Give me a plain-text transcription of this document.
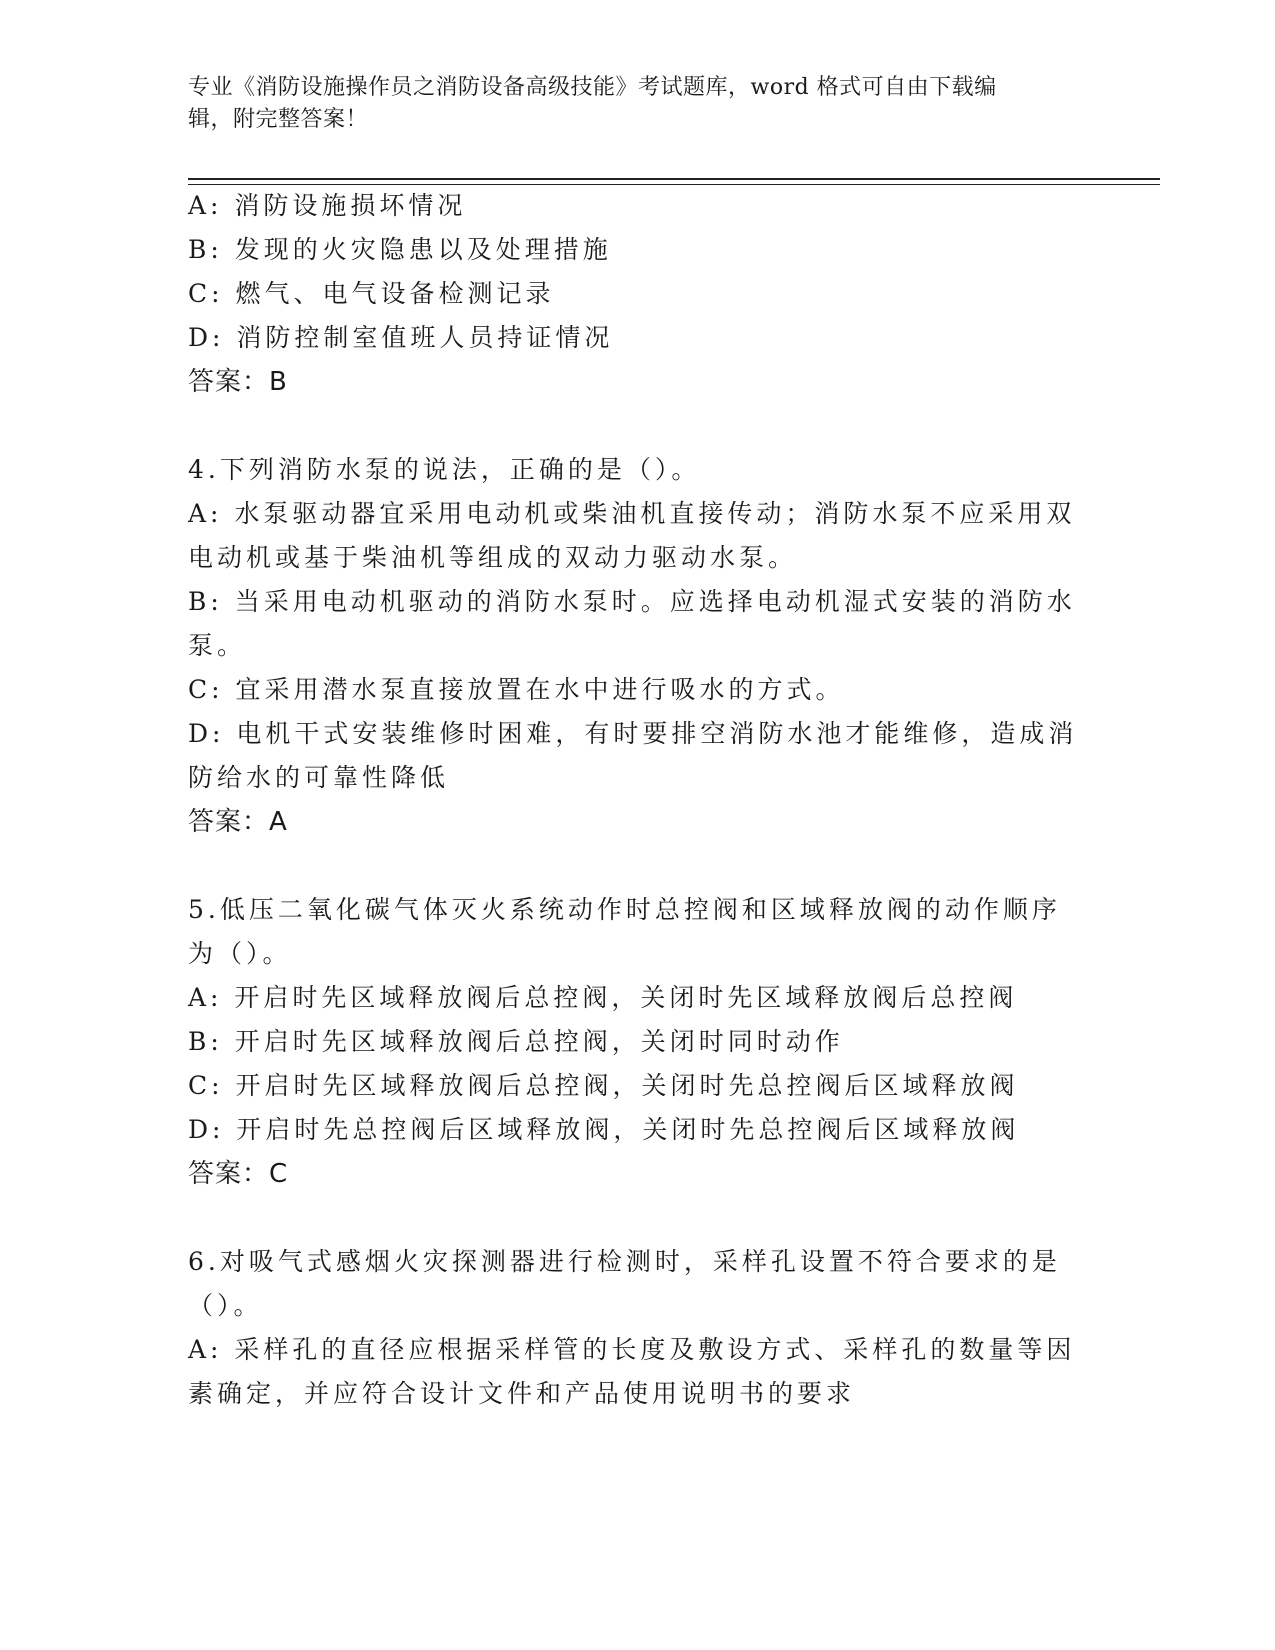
专业《消防设施操作员之消防设备高级技能》考试题库，word 格式可自由下载编
辑，附完整答案！
A: 消防设施损坏情况
B: 发现的火灾隐患以及处理措施
C: 燃气、电气设备检测记录
D: 消防控制室值班人员持证情况
答案：B
4.下列消防水泵的说法，正确的是（）。
A: 水泵驱动器宜采用电动机或柴油机直接传动；消防水泵不应采用双
电动机或基于柴油机等组成的双动力驱动水泵。
B: 当采用电动机驱动的消防水泵时。应选择电动机湿式安装的消防水
泵。
C: 宜采用潜水泵直接放置在水中进行吸水的方式。
D: 电机干式安装维修时困难，有时要排空消防水池才能维修，造成消
防给水的可靠性降低
答案：A
5.低压二氧化碳气体灭火系统动作时总控阀和区域释放阀的动作顺序
为（）。
A: 开启时先区域释放阀后总控阀，关闭时先区域释放阀后总控阀
B: 开启时先区域释放阀后总控阀，关闭时同时动作
C: 开启时先区域释放阀后总控阀，关闭时先总控阀后区域释放阀
D: 开启时先总控阀后区域释放阀，关闭时先总控阀后区域释放阀
答案：C
6.对吸气式感烟火灾探测器进行检测时，采样孔设置不符合要求的是
（）。
A: 采样孔的直径应根据采样管的长度及敷设方式、采样孔的数量等因
素确定，并应符合设计文件和产品使用说明书的要求
